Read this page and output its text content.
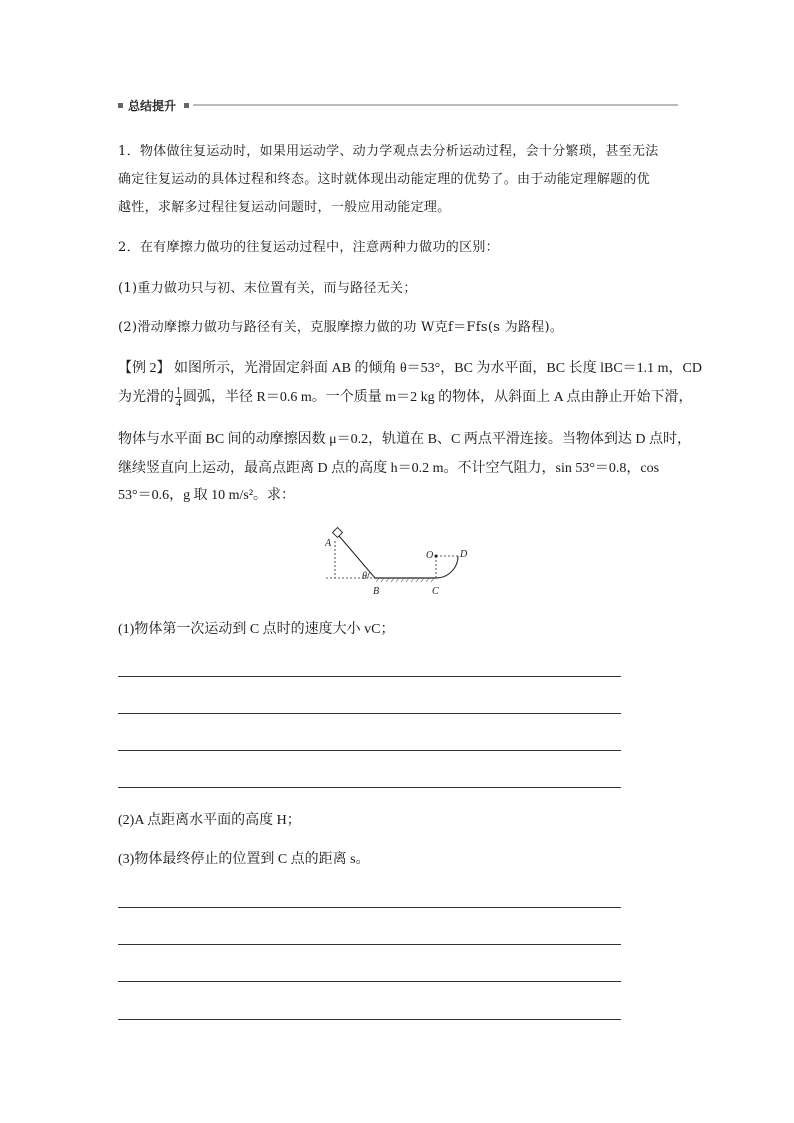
总结提升
1．物体做往复运动时，如果用运动学、动力学观点去分析运动过程，会十分繁琐，甚至无法
确定往复运动的具体过程和终态。这时就体现出动能定理的优势了。由于动能定理解题的优
越性，求解多过程往复运动问题时，一般应用动能定理。
2．在有摩擦力做功的往复运动过程中，注意两种力做功的区别：
(1)重力做功只与初、末位置有关，而与路径无关；
(2)滑动摩擦力做功与路径有关，克服摩擦力做的功 W克f＝Ffs(s 为路程)。
【例 2】 如图所示，光滑固定斜面 AB 的倾角 θ＝53°，BC 为水平面，BC 长度 lBC＝1.1 m，CD
为光滑的 $\frac{1}{4}$ 圆弧，半径 R＝0.6 m。一个质量 m＝2 kg 的物体，从斜面上 A 点由静止开始下滑，
物体与水平面 BC 间的动摩擦因数 μ＝0.2，轨道在 B、C 两点平滑连接。当物体到达 D 点时，
继续竖直向上运动，最高点距离 D 点的高度 h＝0.2 m。不计空气阻力，sin 53°＝0.8，cos
53°＝0.6，g 取 10 m/s²。求：
A
B	C
D
O
θ
(1)物体第一次运动到 C 点时的速度大小 vC；
(2)A 点距离水平面的高度 H；
(3)物体最终停止的位置到 C 点的距离 s。
